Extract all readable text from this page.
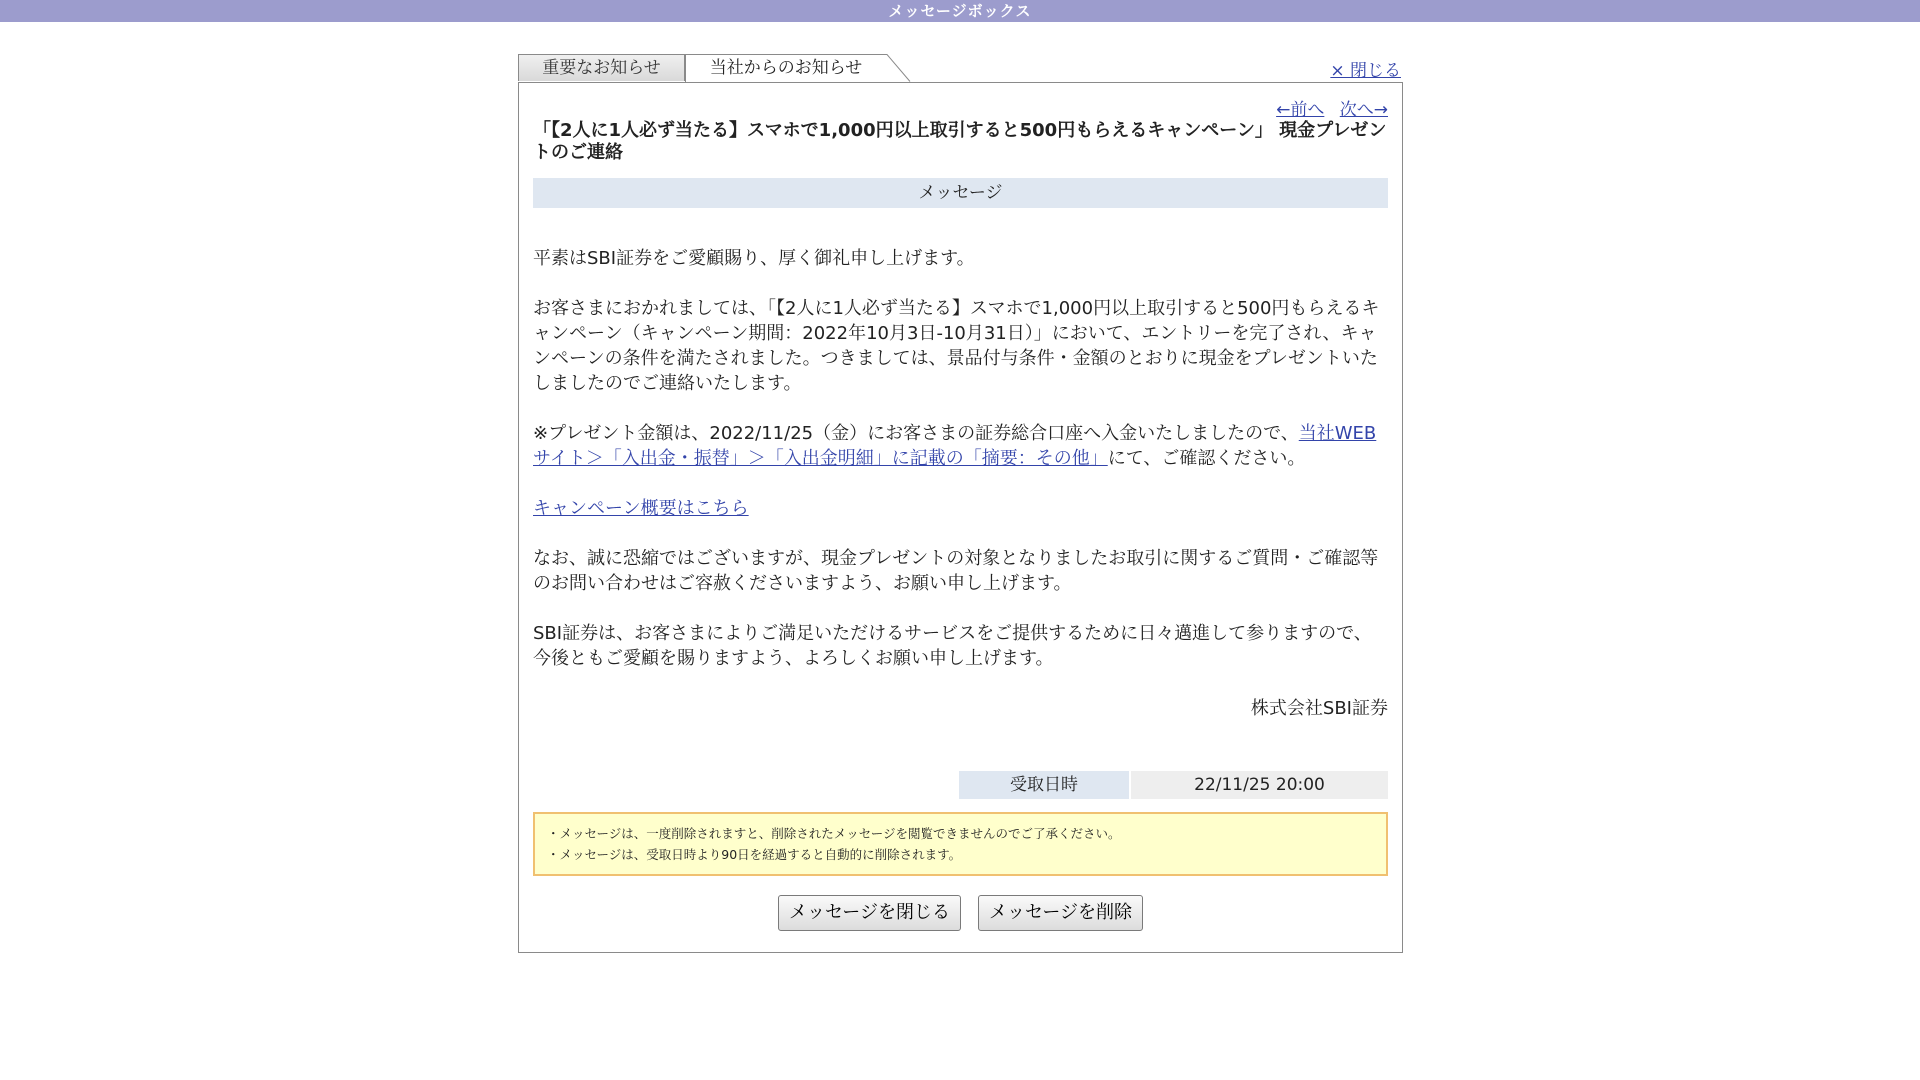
メッセージボックス
重要なお知らせ	当社からのお知らせ	× 閉じる
←前へ 次へ→
「【2人に1人必ず当たる】スマホで1,000円以上取引すると500円もらえるキャンペーン」 現金プレゼントのご連絡
メッセージ

平素はSBI証券をご愛顧賜り、厚く御礼申し上げます。

お客さまにおかれましては、「【2人に1人必ず当たる】スマホで1,000円以上取引すると500円もらえるキャンペーン（キャンペーン期間：2022年10月3日-10月31日）」において、エントリーを完了され、キャンペーンの条件を満たされました。つきましては、景品付与条件・金額のとおりに現金をプレゼントいたしましたのでご連絡いたします。

※プレゼント金額は、2022/11/25（金）にお客さまの証券総合口座へ入金いたしましたので、当社WEBサイト＞「入出金・振替」＞「入出金明細」に記載の「摘要：その他」にて、ご確認ください。

キャンペーン概要はこちら

なお、誠に恐縮ではございますが、現金プレゼントの対象となりましたお取引に関するご質問・ご確認等のお問い合わせはご容赦くださいますよう、お願い申し上げます。

SBI証券は、お客さまによりご満足いただけるサービスをご提供するために日々邁進して参りますので、今後ともご愛顧を賜りますよう、よろしくお願い申し上げます。

株式会社SBI証券
受取日時	22/11/25 20:00
・メッセージは、一度削除されますと、削除されたメッセージを閲覧できませんのでご了承ください。
・メッセージは、受取日時より90日を経過すると自動的に削除されます。
メッセージを閉じる メッセージを削除
